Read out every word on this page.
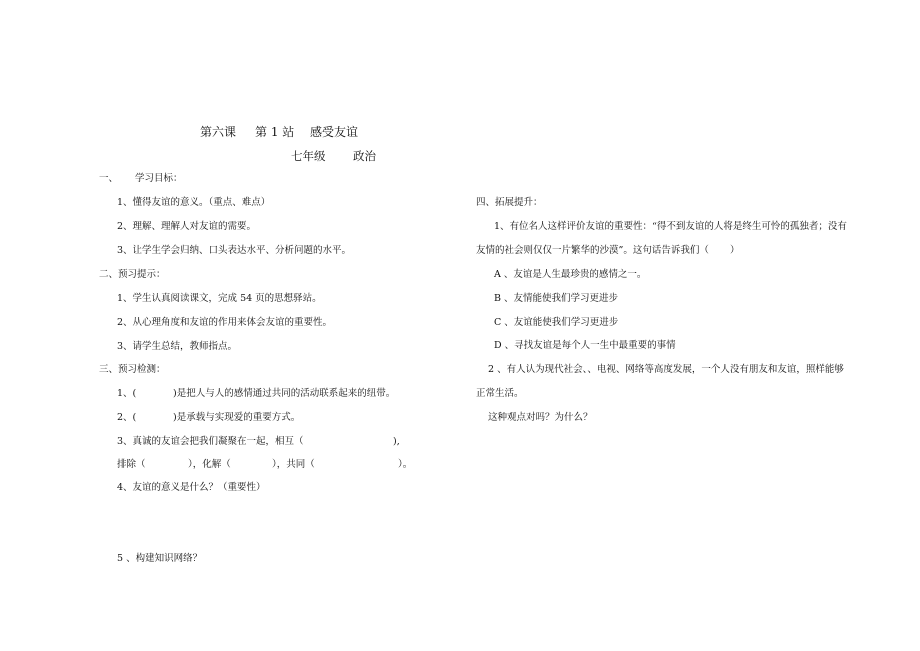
第六课 第 1 站 感受友谊
七年级 政治
一、 学习目标：
1、懂得友谊的意义。（重点、难点）
2、理解、理解人对友谊的需要。
3、让学生学会归纳、口头表达水平、分析问题的水平。
二、预习提示：
1、学生认真阅读课文，完成 54 页的思想驿站。
2、从心理角度和友谊的作用来体会友谊的重要性。
3、请学生总结，教师指点。
三、预习检测：
1、(	)是把人与人的感情通过共同的活动联系起来的纽带。
2、(	)是承载与实现爱的重要方式。
3、真诚的友谊会把我们凝聚在一起，相互（	),
排除（	），化解（	），共同（	）。
4、友谊的意义是什么？（重要性）
5 、构建知识网络？
四、拓展提升：
1、有位名人这样评价友谊的重要性：“得不到友谊的人将是终生可怜的孤独者；没有
友情的社会则仅仅一片繁华的沙漠”。这句话告诉我们（ ）
A 、友谊是人生最珍贵的感情之一。
B 、友情能使我们学习更进步
C 、友谊能使我们学习更进步
D 、寻找友谊是每个人一生中最重要的事情
2 、有人认为现代社会、、电视、网络等高度发展，一个人没有朋友和友谊，照样能够
正常生活。
这种观点对吗？为什么？
